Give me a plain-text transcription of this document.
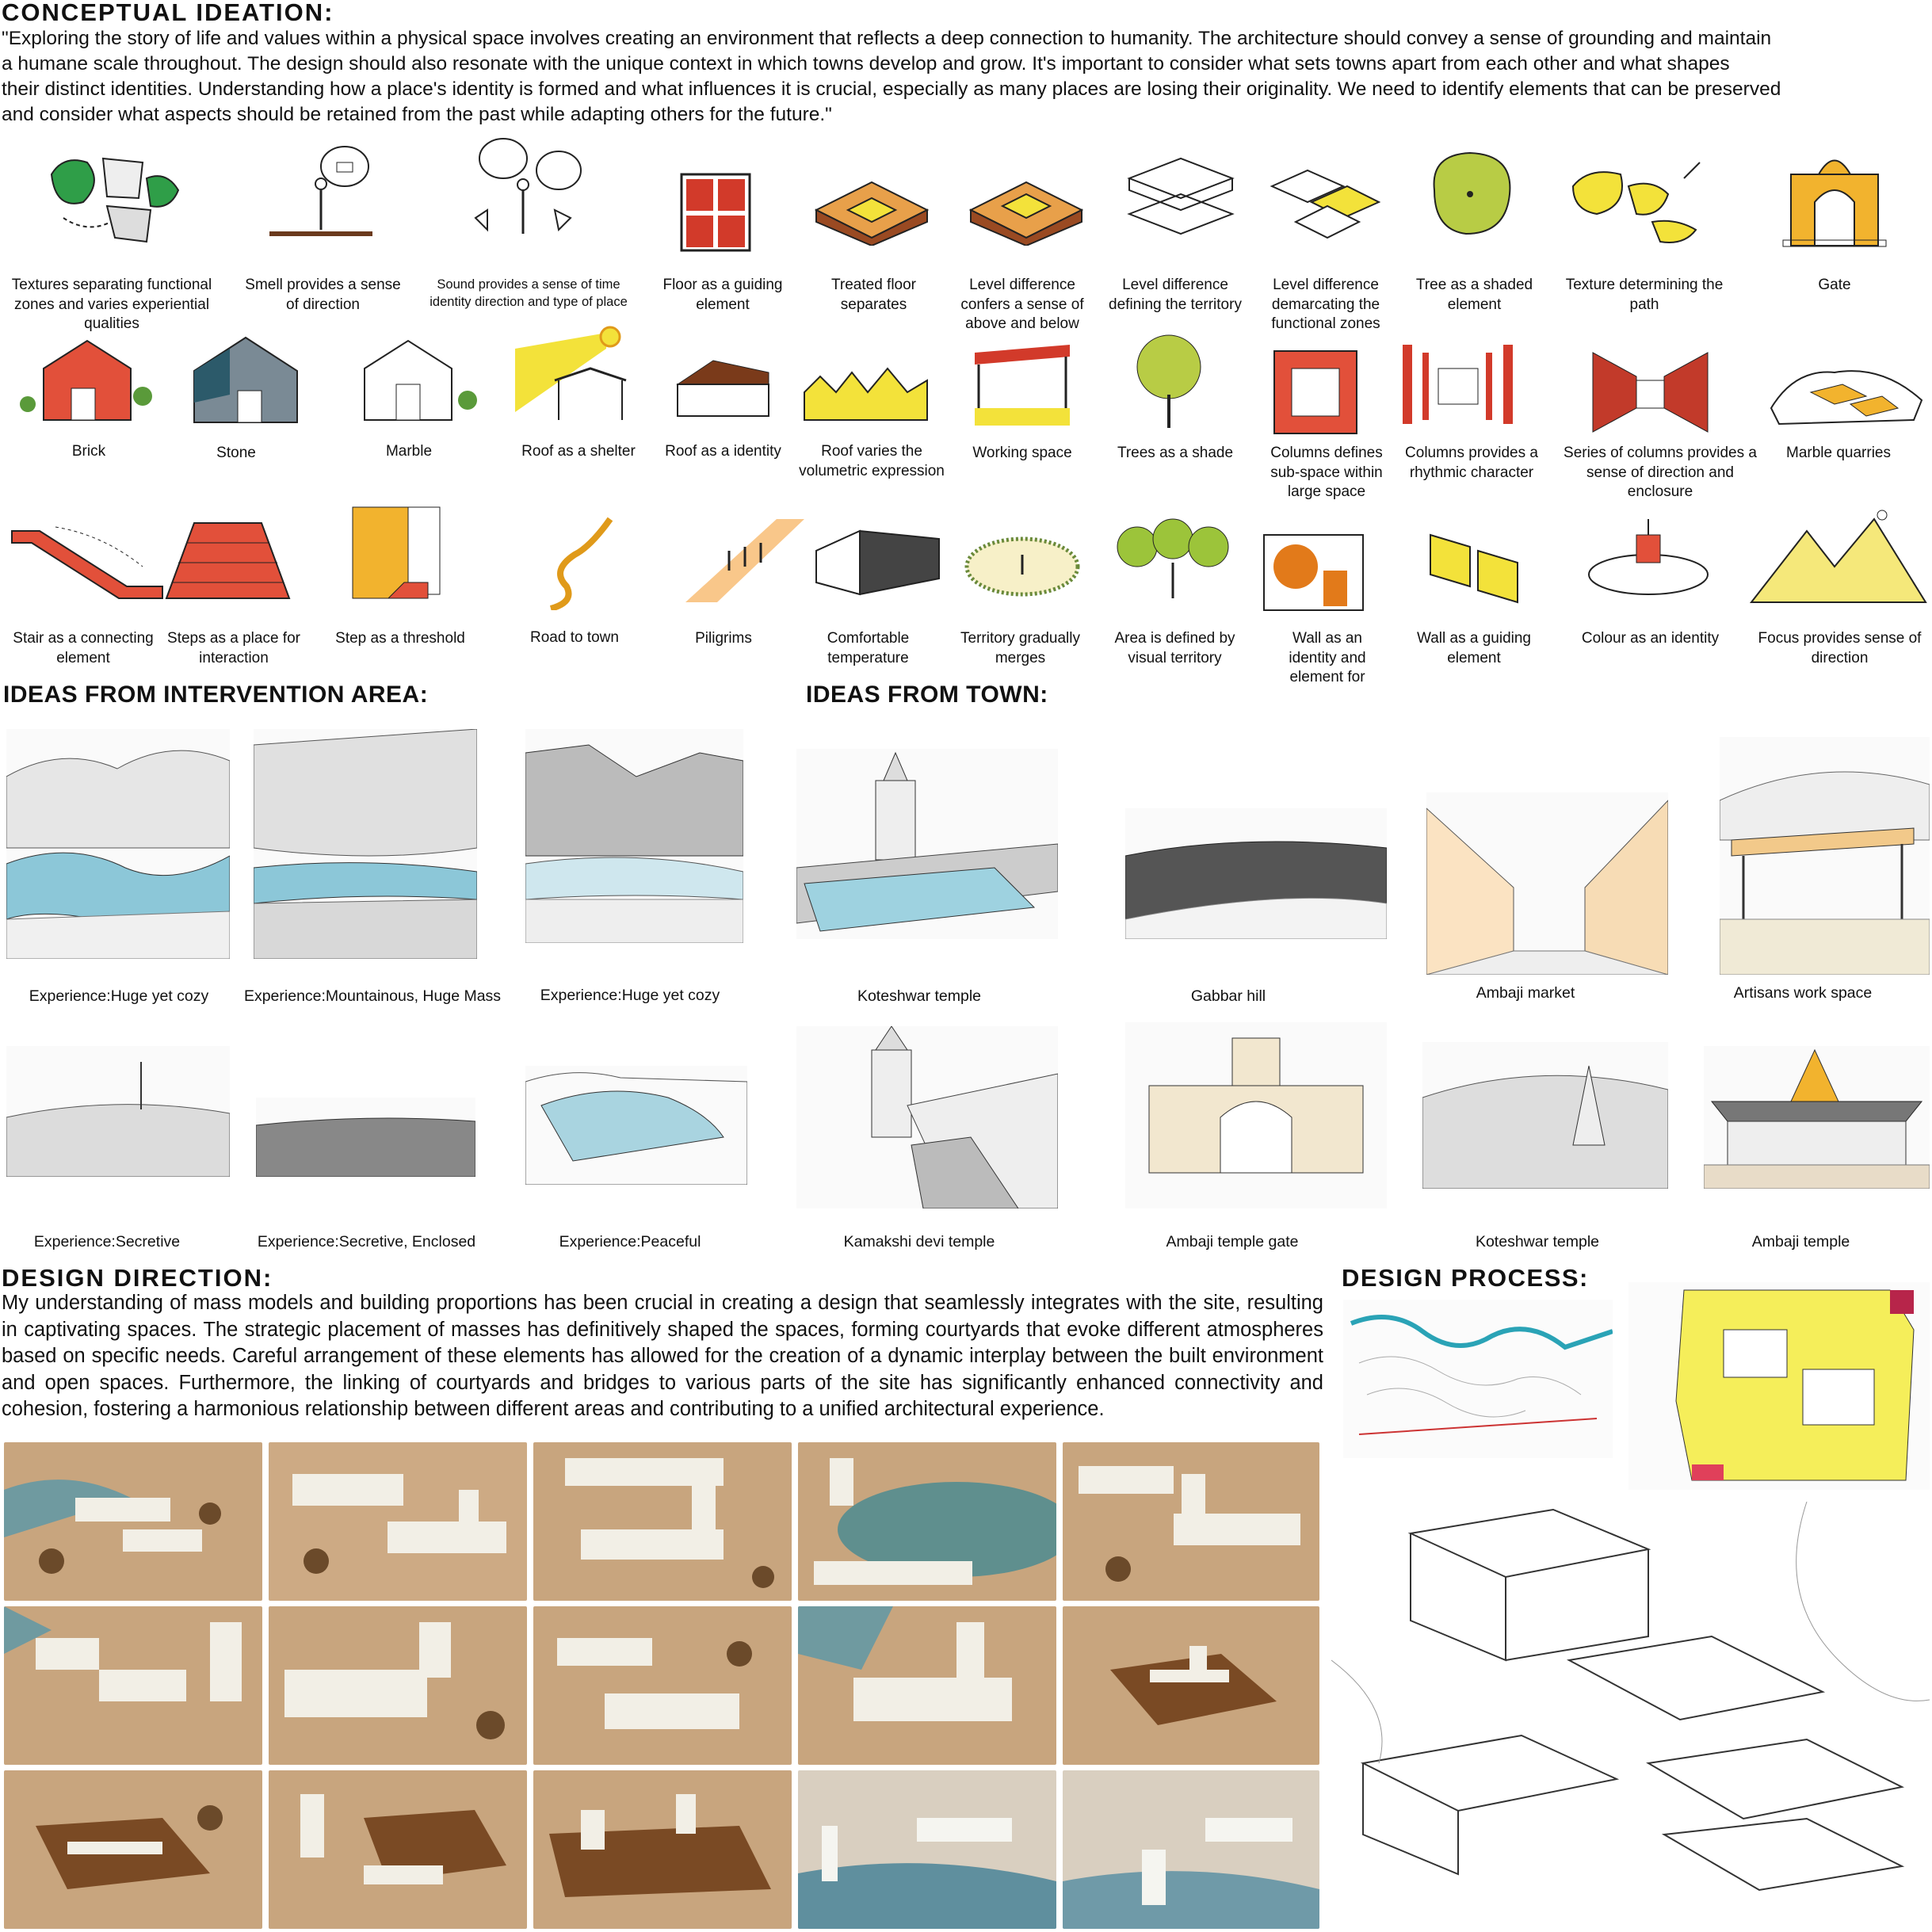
CONCEPTUAL IDEATION:
"Exploring the story of life and values within a physical space involves creating an environment that reflects a deep connection to humanity. The architecture should convey a sense of grounding and maintain
a humane scale throughout. The design should also resonate with the unique context in which towns develop and grow. It's important to consider what sets towns apart from each other and what shapes
their distinct identities. Understanding how a place's identity is formed and what influences it is crucial, especially as many places are losing their originality. We need to identify elements that can be preserved
and consider what aspects should be retained from the past while adapting others for the future."
Textures separating functional zones and varies experiential qualities
Smell provides a sense of direction
Sound provides a sense of time identity direction and type of place
Floor as a guiding element
Treated floor separates
Level difference confers a sense of above and below
Level difference defining the territory
Level difference demarcating the functional zones
Tree as a shaded element
Texture determining the path
Gate
Brick	Stone	Marble	Roof as a shelter	Roof as a identity	Roof varies the volumetric expression
Working space	Trees as a shade	Columns defines sub-space within large space
Columns provides a rhythmic character
Series of columns provides a sense of direction and enclosure
Marble quarries
Stair as a connecting element
Steps as a place for interaction
Step as a threshold	Road to town	Piligrims	Comfortable temperature
Territory gradually merges
Area is defined by visual territory
Wall as an identity and element for
Wall as a guiding element
Colour as an identity	Focus provides sense of direction
IDEAS FROM INTERVENTION AREA:	IDEAS FROM TOWN:
Experience:Huge yet cozy	Experience:Mountainous, Huge Mass	Experience:Huge yet cozy
Experience:Secretive	Experience:Secretive, Enclosed	Experience:Peaceful
Koteshwar temple	Gabbar hill	Ambaji market	Artisans work space
Kamakshi devi temple	Ambaji temple gate	Koteshwar temple	Ambaji temple
DESIGN DIRECTION:
My understanding of mass models and building proportions has been crucial in creating a design that seamlessly integrates with the site, resulting in captivating spaces. The strategic placement of masses has definitively shaped the spaces, forming courtyards that evoke different atmospheres based on specific needs. Careful arrangement of these elements has allowed for the creation of a dynamic interplay between the built environment and open spaces. Furthermore, the linking of courtyards and bridges to various parts of the site has significantly enhanced connectivity and cohesion, fostering a harmonious relationship between different areas and contributing to a unified architectural experience.
DESIGN PROCESS:
